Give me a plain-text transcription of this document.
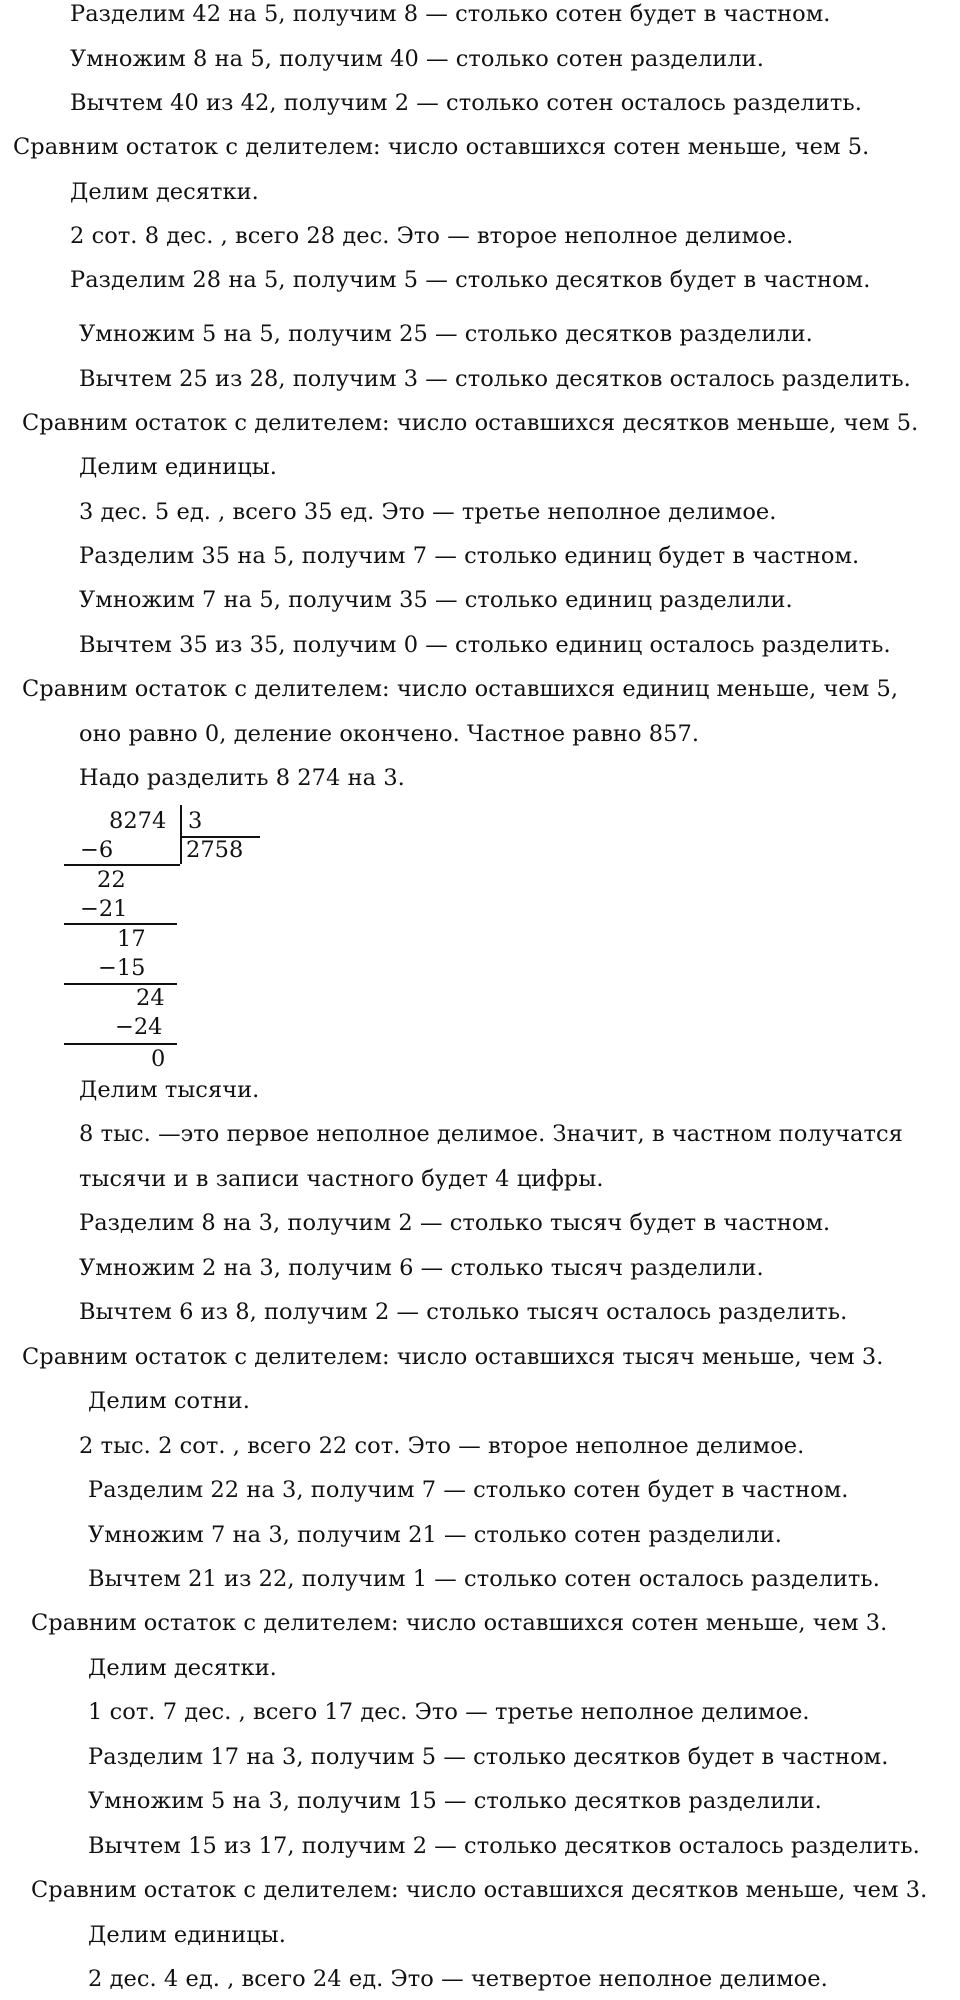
Разделим 42 на 5, получим 8 — столько сотен будет в частном.
Умножим 8 на 5, получим 40 — столько сотен разделили.
Вычтем 40 из 42, получим 2 — столько сотен осталось разделить.
Сравним остаток с делителем: число оставшихся сотен меньше, чем 5.
Делим десятки.
2 сот. 8 дес. , всего 28 дес. Это — второе неполное делимое.
Разделим 28 на 5, получим 5 — столько десятков будет в частном.
Умножим 5 на 5, получим 25 — столько десятков разделили.
Вычтем 25 из 28, получим 3 — столько десятков осталось разделить.
Сравним остаток с делителем: число оставшихся десятков меньше, чем 5.
Делим единицы.
3 дес. 5 ед. , всего 35 ед. Это — третье неполное делимое.
Разделим 35 на 5, получим 7 — столько единиц будет в частном.
Умножим 7 на 5, получим 35 — столько единиц разделили.
Вычтем 35 из 35, получим 0 — столько единиц осталось разделить.
Сравним остаток с делителем: число оставшихся единиц меньше, чем 5,
оно равно 0, деление окончено. Частное равно 857.
Надо разделить 8 274 на 3.
8274 3
2758
−6
22
−21
17
−15
24
−24
0
Делим тысячи.
8 тыс. —это первое неполное делимое. Значит, в частном получатся
тысячи и в записи частного будет 4 цифры.
Разделим 8 на 3, получим 2 — столько тысяч будет в частном.
Умножим 2 на 3, получим 6 — столько тысяч разделили.
Вычтем 6 из 8, получим 2 — столько тысяч осталось разделить.
Сравним остаток с делителем: число оставшихся тысяч меньше, чем 3.
Делим сотни.
2 тыс. 2 сот. , всего 22 сот. Это — второе неполное делимое.
Разделим 22 на 3, получим 7 — столько сотен будет в частном.
Умножим 7 на 3, получим 21 — столько сотен разделили.
Вычтем 21 из 22, получим 1 — столько сотен осталось разделить.
Сравним остаток с делителем: число оставшихся сотен меньше, чем 3.
Делим десятки.
1 сот. 7 дес. , всего 17 дес. Это — третье неполное делимое.
Разделим 17 на 3, получим 5 — столько десятков будет в частном.
Умножим 5 на 3, получим 15 — столько десятков разделили.
Вычтем 15 из 17, получим 2 — столько десятков осталось разделить.
Сравним остаток с делителем: число оставшихся десятков меньше, чем 3.
Делим единицы.
2 дес. 4 ед. , всего 24 ед. Это — четвертое неполное делимое.
